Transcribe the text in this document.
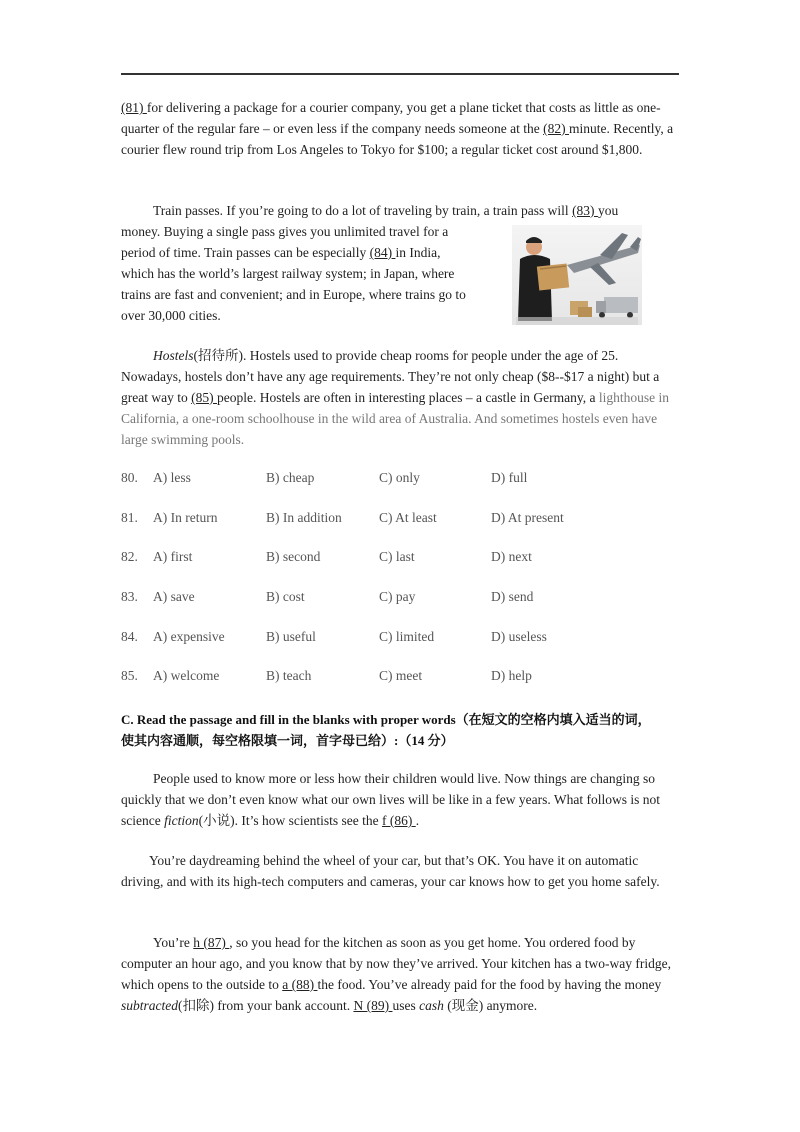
(81) for delivering a package for a courier company, you get a plane ticket that costs as little as one-quarter of the regular fare – or even less if the company needs someone at the (82) minute. Recently, a courier flew round trip from Los Angeles to Tokyo for $100; a regular ticket cost around $1,800.
Train passes. If you’re going to do a lot of traveling by train, a train pass will (83) you
money. Buying a single pass gives you unlimited travel for a
period of time. Train passes can be especially (84) in India,
which has the world’s largest railway system; in Japan, where
trains are fast and convenient; and in Europe, where trains go to
over 30,000 cities.
Hostels(招待所). Hostels used to provide cheap rooms for people under the age of 25. Nowadays, hostels don’t have any age requirements. They’re not only cheap ($8--$17 a night) but a great way to (85) people. Hostels are often in interesting places – a castle in Germany, a lighthouse in California, a one-room schoolhouse in the wild area of Australia. And sometimes hostels even have large swimming pools.
80. A) less	B) cheap	C) only	D) full
81. A) In return	B) In addition	C) At least	D) At present
82. A) first	B) second	C) last	D) next
83. A) save	B) cost	C) pay	D) send
84. A) expensive	B) useful	C) limited	D) useless
85. A) welcome	B) teach	C) meet	D) help
C. Read the passage and fill in the blanks with proper words（在短文的空格内填入适当的词，
使其内容通顺，每空格限填一词，首字母已给）:（14 分）
People used to know more or less how their children would live. Now things are changing so quickly that we don’t even know what our own lives will be like in a few years. What follows is not science fiction(小说). It’s how scientists see the f (86) .
You’re daydreaming behind the wheel of your car, but that’s OK. You have it on automatic driving, and with its high-tech computers and cameras, your car knows how to get you home safely.
You’re h (87) , so you head for the kitchen as soon as you get home. You ordered food by computer an hour ago, and you know that by now they’ve arrived. Your kitchen has a two-way fridge, which opens to the outside to a (88) the food. You’ve already paid for the food by having the money subtracted(扣除) from your bank account. N (89) uses cash (现金) anymore.
